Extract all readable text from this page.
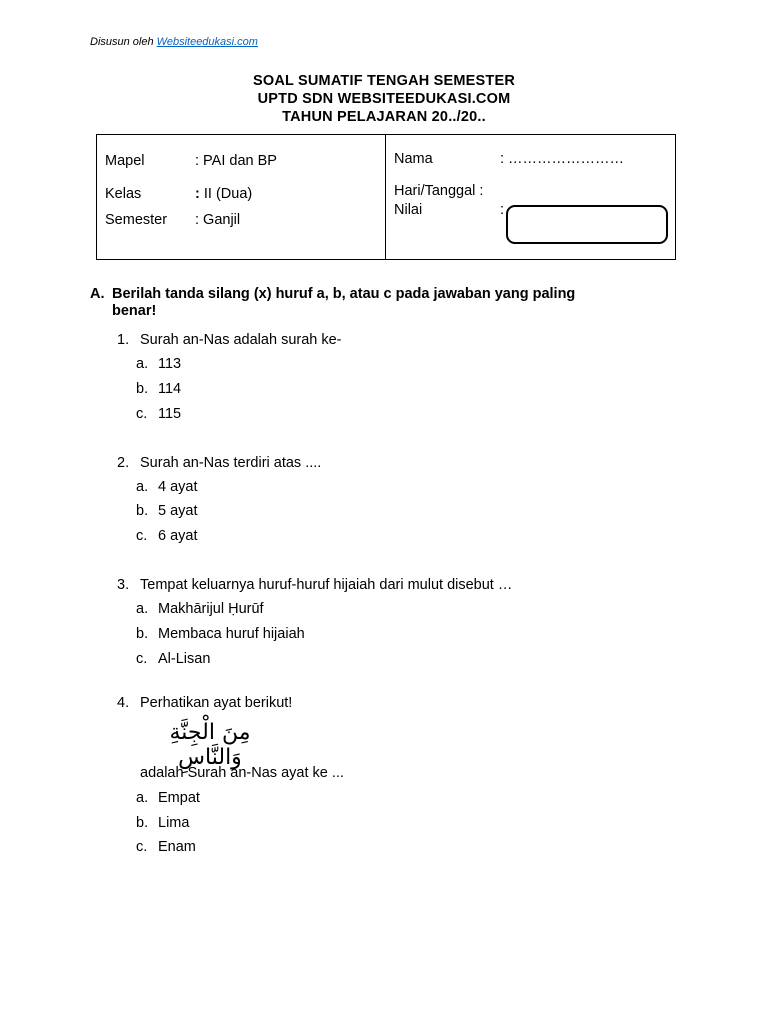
Disusun oleh Websiteedukasi.com
SOAL SUMATIF TENGAH SEMESTER
UPTD SDN WEBSITEEDUKASI.COM
TAHUN PELAJARAN 20../20..
Mapel	: PAI dan BP
Kelas	: II (Dua)
Semester : Ganjil
Nama	: ……………………
Hari/Tanggal :
Nilai	:
A. Berilah tanda silang (x) huruf a, b, atau c pada jawaban yang paling
benar!
1. Surah an-Nas adalah surah ke-
a. 113
b. 114
c. 115
2. Surah an-Nas terdiri atas ....
a. 4 ayat
b. 5 ayat
c. 6 ayat
3. Tempat keluarnya huruf-huruf hijaiah dari mulut disebut …
a. Makhārijul Ḥurūf
b. Membaca huruf hijaiah
c. Al-Lisan
4. Perhatikan ayat berikut!
مِنَ الْجِنَّةِ وَالنَّاسِ
adalah Surah an-Nas ayat ke ...
a. Empat
b. Lima
c. Enam
